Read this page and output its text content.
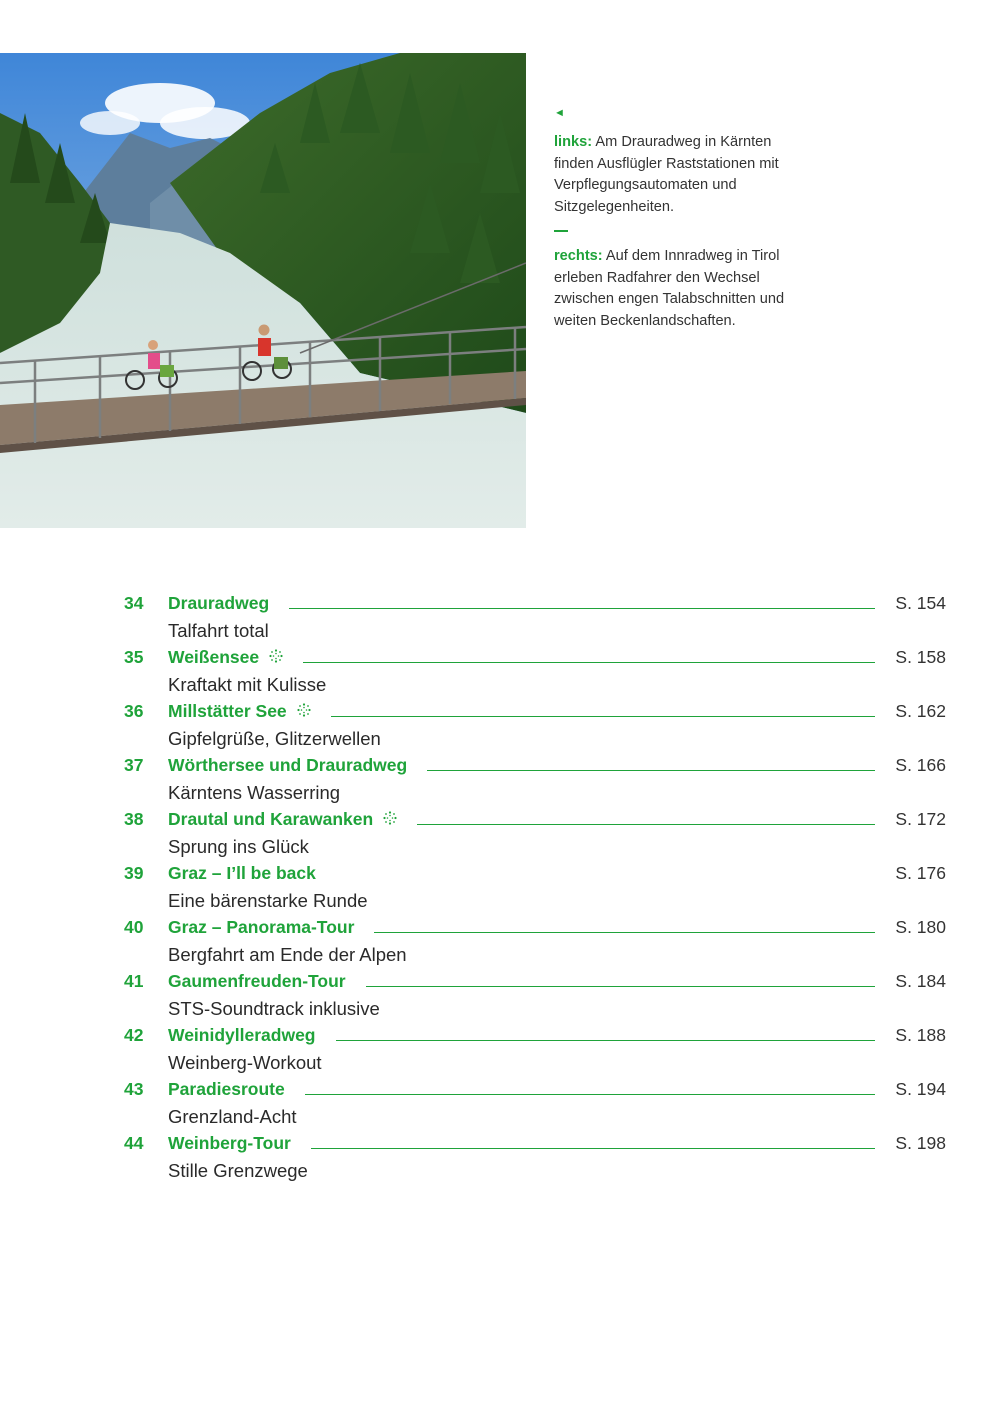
◄

links: Am Drauradweg in Kärnten finden Ausflügler Raststationen mit Verpflegungsautomaten und Sitzgelegenheiten.

rechts: Auf dem Innradweg in Tirol erleben Radfahrer den Wechsel zwischen engen Talabschnitten und weiten Beckenlandschaften.

34	Drauradweg	S. 154
Talfahrt total
35	Weißensee	S. 158
Kraftakt mit Kulisse
36	Millstätter See	S. 162
Gipfelgrüße, Glitzerwellen
37	Wörthersee und Drauradweg	S. 166
Kärntens Wasserring
38	Drautal und Karawanken	S. 172
Sprung ins Glück
39	Graz – I’ll be back	S. 176
Eine bärenstarke Runde
40	Graz – Panorama-Tour	S. 180
Bergfahrt am Ende der Alpen
41	Gaumenfreuden-Tour	S. 184
STS-Soundtrack inklusive
42	Weinidylleradweg	S. 188
Weinberg-Workout
43	Paradiesroute	S. 194
Grenzland-Acht
44	Weinberg-Tour	S. 198
Stille Grenzwege
